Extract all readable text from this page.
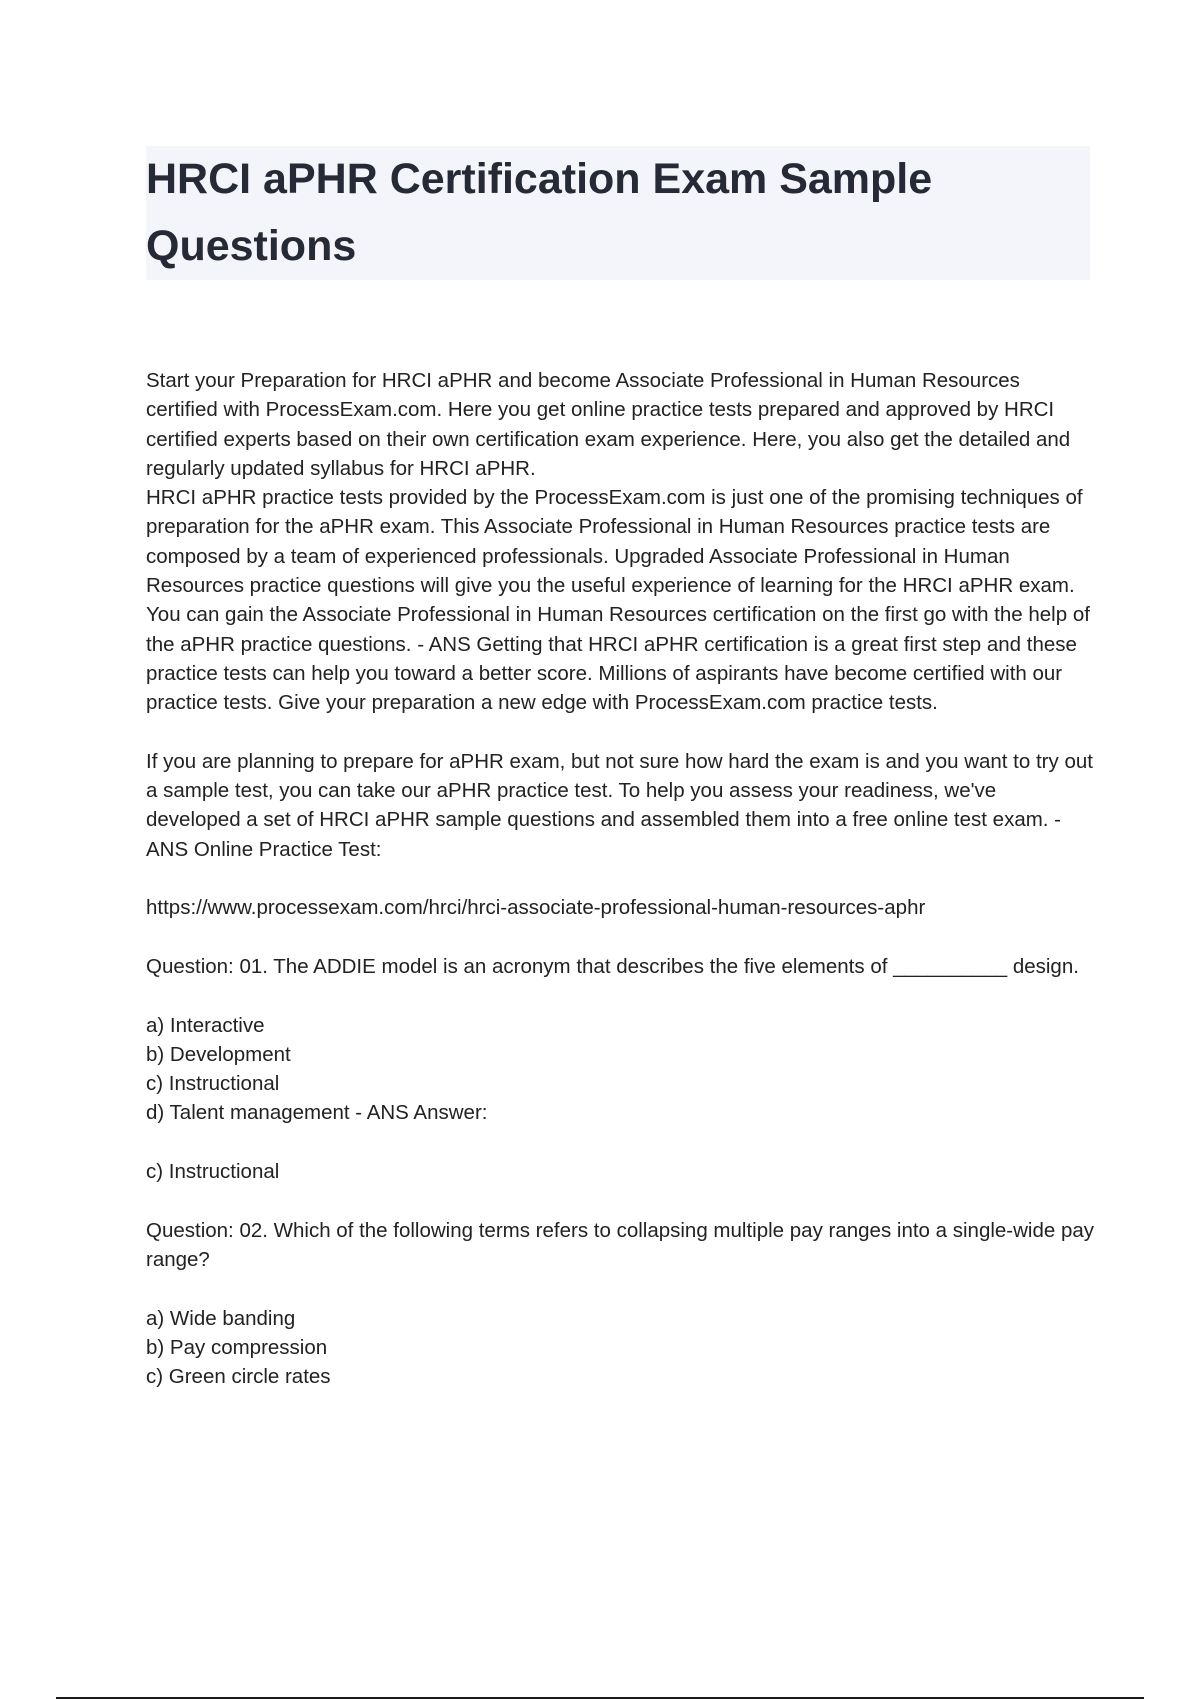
HRCI aPHR Certification Exam Sample Questions

Start your Preparation for HRCI aPHR and become Associate Professional in Human Resources certified with ProcessExam.com. Here you get online practice tests prepared and approved by HRCI certified experts based on their own certification exam experience. Here, you also get the detailed and regularly updated syllabus for HRCI aPHR.
HRCI aPHR practice tests provided by the ProcessExam.com is just one of the promising techniques of preparation for the aPHR exam. This Associate Professional in Human Resources practice tests are composed by a team of experienced professionals. Upgraded Associate Professional in Human Resources practice questions will give you the useful experience of learning for the HRCI aPHR exam. You can gain the Associate Professional in Human Resources certification on the first go with the help of the aPHR practice questions. - ANS Getting that HRCI aPHR certification is a great first step and these practice tests can help you toward a better score. Millions of aspirants have become certified with our practice tests. Give your preparation a new edge with ProcessExam.com practice tests.

If you are planning to prepare for aPHR exam, but not sure how hard the exam is and you want to try out a sample test, you can take our aPHR practice test. To help you assess your readiness, we've developed a set of HRCI aPHR sample questions and assembled them into a free online test exam. - ANS Online Practice Test:

https://www.processexam.com/hrci/hrci-associate-professional-human-resources-aphr

Question: 01. The ADDIE model is an acronym that describes the five elements of __________ design.

a) Interactive
b) Development
c) Instructional
d) Talent management - ANS Answer:
c) Instructional

Question: 02. Which of the following terms refers to collapsing multiple pay ranges into a single-wide pay range?

a) Wide banding
b) Pay compression
c) Green circle rates
